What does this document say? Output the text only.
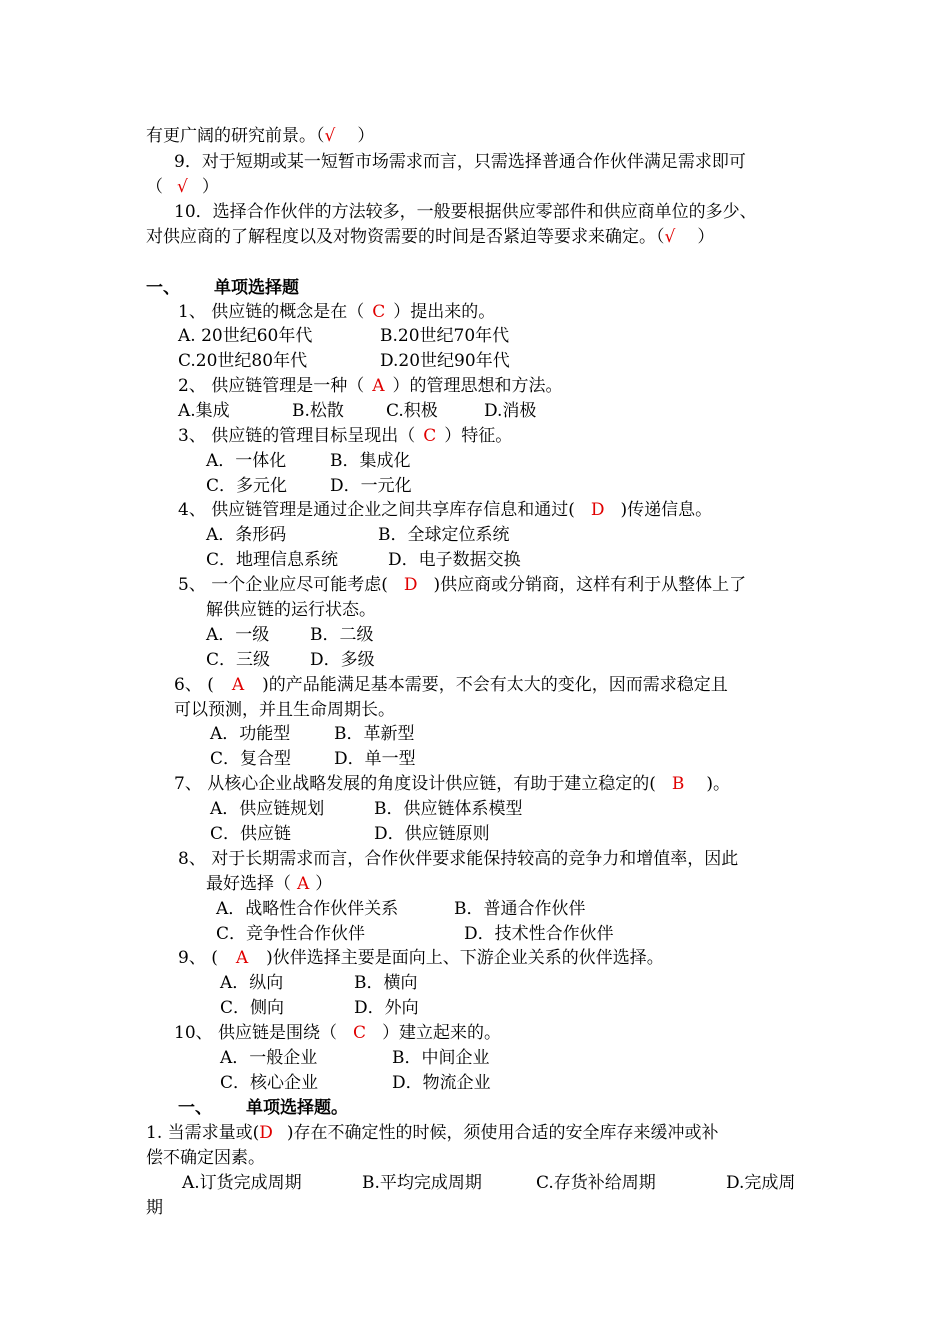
有更广阔的研究前景。（√ ）
9．对于短期或某一短暂市场需求而言，只需选择普通合作伙伴满足需求即可
（ √ ）
10．选择合作伙伴的方法较多，一般要根据供应零部件和供应商单位的多少、
对供应商的了解程度以及对物资需要的时间是否紧迫等要求来确定。（√ ）
一、 单项选择题
1、 供应链的概念是在（ C ）提出来的。
A. 20世纪60年代	B.20世纪70年代
C.20世纪80年代	D.20世纪90年代
2、 供应链管理是一种（ A ）的管理思想和方法。
A.集成	B.松散 C.积极	D.消极
3、 供应链的管理目标呈现出（ C ）特征。
A．一体化	B．集成化
C．多元化	D．一元化
4、 供应链管理是通过企业之间共享库存信息和通过( D )传递信息。
A．条形码	B．全球定位系统
C．地理信息系统	D．电子数据交换
5、 一个企业应尽可能考虑( D )供应商或分销商，这样有利于从整体上了
解供应链的运行状态。
A．一级 B．二级
C．三级 D．多级
6、 ( A )的产品能满足基本需要，不会有太大的变化，因而需求稳定且
可以预测，并且生命周期长。
A．功能型	B．革新型
C．复合型	D．单一型
7、 从核心企业战略发展的角度设计供应链，有助于建立稳定的( B )。
A．供应链规划	B．供应链体系模型
C．供应链	D．供应链原则
8、 对于长期需求而言，合作伙伴要求能保持较高的竞争力和增值率，因此
最好选择（ A ）
A．战略性合作伙伴关系	B．普通合作伙伴
C．竞争性合作伙伴	D．技术性合作伙伴
9、 ( A )伙伴选择主要是面向上、下游企业关系的伙伴选择。
A．纵向	B．横向
C．侧向	D．外向
10、 供应链是围绕（ C ）建立起来的。
A．一般企业	B．中间企业
C．核心企业	D．物流企业
一、 单项选择题。
1. 当需求量或(D )存在不确定性的时候，须使用合适的安全库存来缓冲或补
偿不确定因素。
A.订货完成周期	B.平均完成周期	C.存货补给周期	D.完成周
期
